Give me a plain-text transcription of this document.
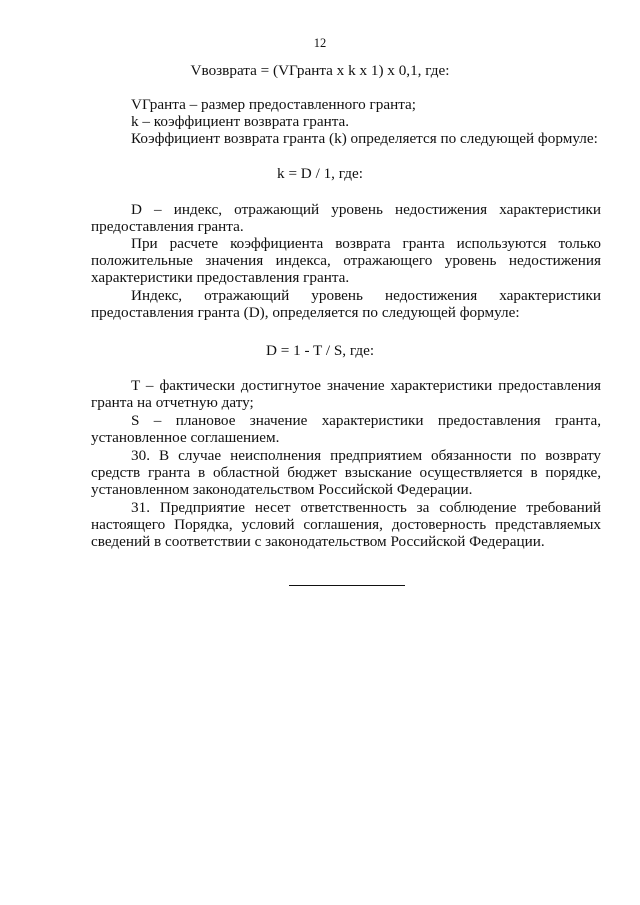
12
Vвозврата = (VГранта x k x 1) x 0,1, где:
VГранта – размер предоставленного гранта;
k – коэффициент возврата гранта.
Коэффициент возврата гранта (k) определяется по следующей формуле:
k = D / 1, где:
D – индекс, отражающий уровень недостижения характеристики
предоставления гранта.
При расчете коэффициента возврата гранта используются только
положительные значения индекса, отражающего уровень недостижения
характеристики предоставления гранта.
Индекс, отражающий уровень недостижения характеристики
предоставления гранта (D), определяется по следующей формуле:
D = 1 - T / S, где:
T – фактически достигнутое значение характеристики предоставления
гранта на отчетную дату;
S – плановое значение характеристики предоставления гранта,
установленное соглашением.
30. В случае неисполнения предприятием обязанности по возврату
средств гранта в областной бюджет взыскание осуществляется в порядке,
установленном законодательством Российской Федерации.
31. Предприятие несет ответственность за соблюдение требований
настоящего Порядка, условий соглашения, достоверность представляемых
сведений в соответствии с законодательством Российской Федерации.
